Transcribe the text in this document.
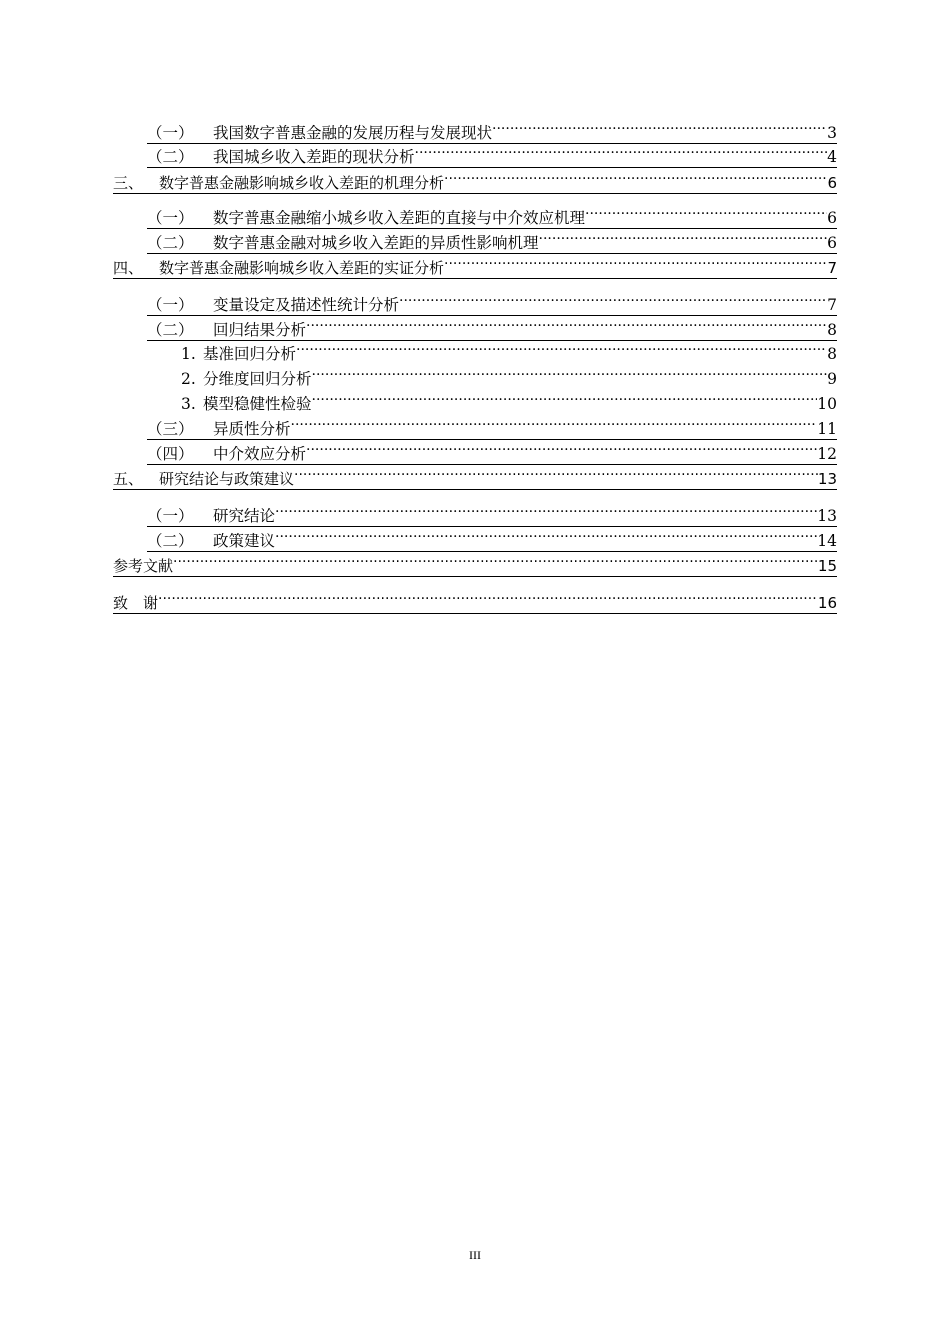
（一） 我国数字普惠金融的发展历程与发展现状 .....	3
（二） 我国城乡收入差距的现状分析 .....	4
三、 数字普惠金融影响城乡收入差距的机理分析 .....	6
（一） 数字普惠金融缩小城乡收入差距的直接与中介效应机理 .....	6
（二） 数字普惠金融对城乡收入差距的异质性影响机理 .....	6
四、 数字普惠金融影响城乡收入差距的实证分析 .....	7
（一） 变量设定及描述性统计分析 .....	7
（二） 回归结果分析 .....	8
1. 基准回归分析 .....	8
2. 分维度回归分析 .....	9
3. 模型稳健性检验 .....	10
（三） 异质性分析 .....	11
（四） 中介效应分析 .....	12
五、 研究结论与政策建议 .....	13
（一） 研究结论 .....	13
（二） 政策建议 .....	14
参考文献 .....	15
致　谢 .....	16
III
